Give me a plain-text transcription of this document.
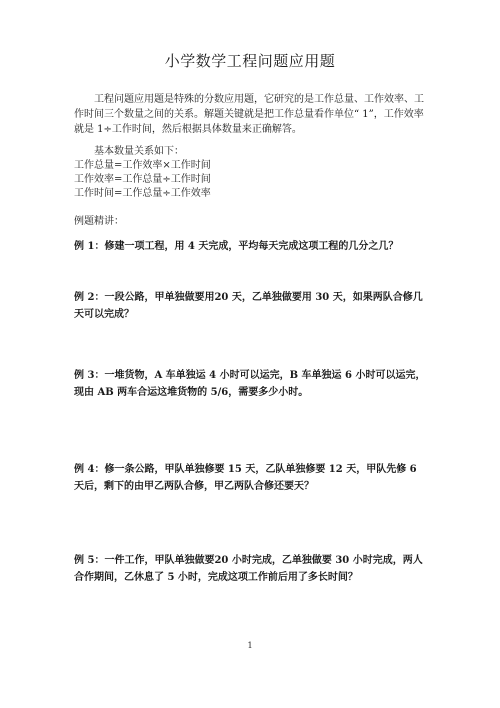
小学数学工程问题应用题
工程问题应用题是特殊的分数应用题，它研究的是工作总量、工作效率、工作时间三个数量之间的关系。解题关键就是把工作总量看作单位“ 1”，工作效率就是 1÷工作时间，然后根据具体数量来正确解答。
基本数量关系如下：
工作总量=工作效率×工作时间
工作效率=工作总量÷工作时间
工作时间=工作总量÷工作效率
例题精讲：
例 1：修建一项工程，用 4 天完成，平均每天完成这项工程的几分之几？
例 2：一段公路，甲单独做要用20 天，乙单独做要用 30 天，如果两队合修几天可以完成？
例 3：一堆货物，A 车单独运 4 小时可以运完，B 车单独运 6 小时可以运完，现由 AB 两车合运这堆货物的 5/6，需要多少小时。
例 4：修一条公路，甲队单独修要 15 天，乙队单独修要 12 天，甲队先修 6 天后，剩下的由甲乙两队合修，甲乙两队合修还要天？
例 5：一件工作，甲队单独做要20 小时完成，乙单独做要 30 小时完成，两人合作期间，乙休息了 5 小时，完成这项工作前后用了多长时间？
1
